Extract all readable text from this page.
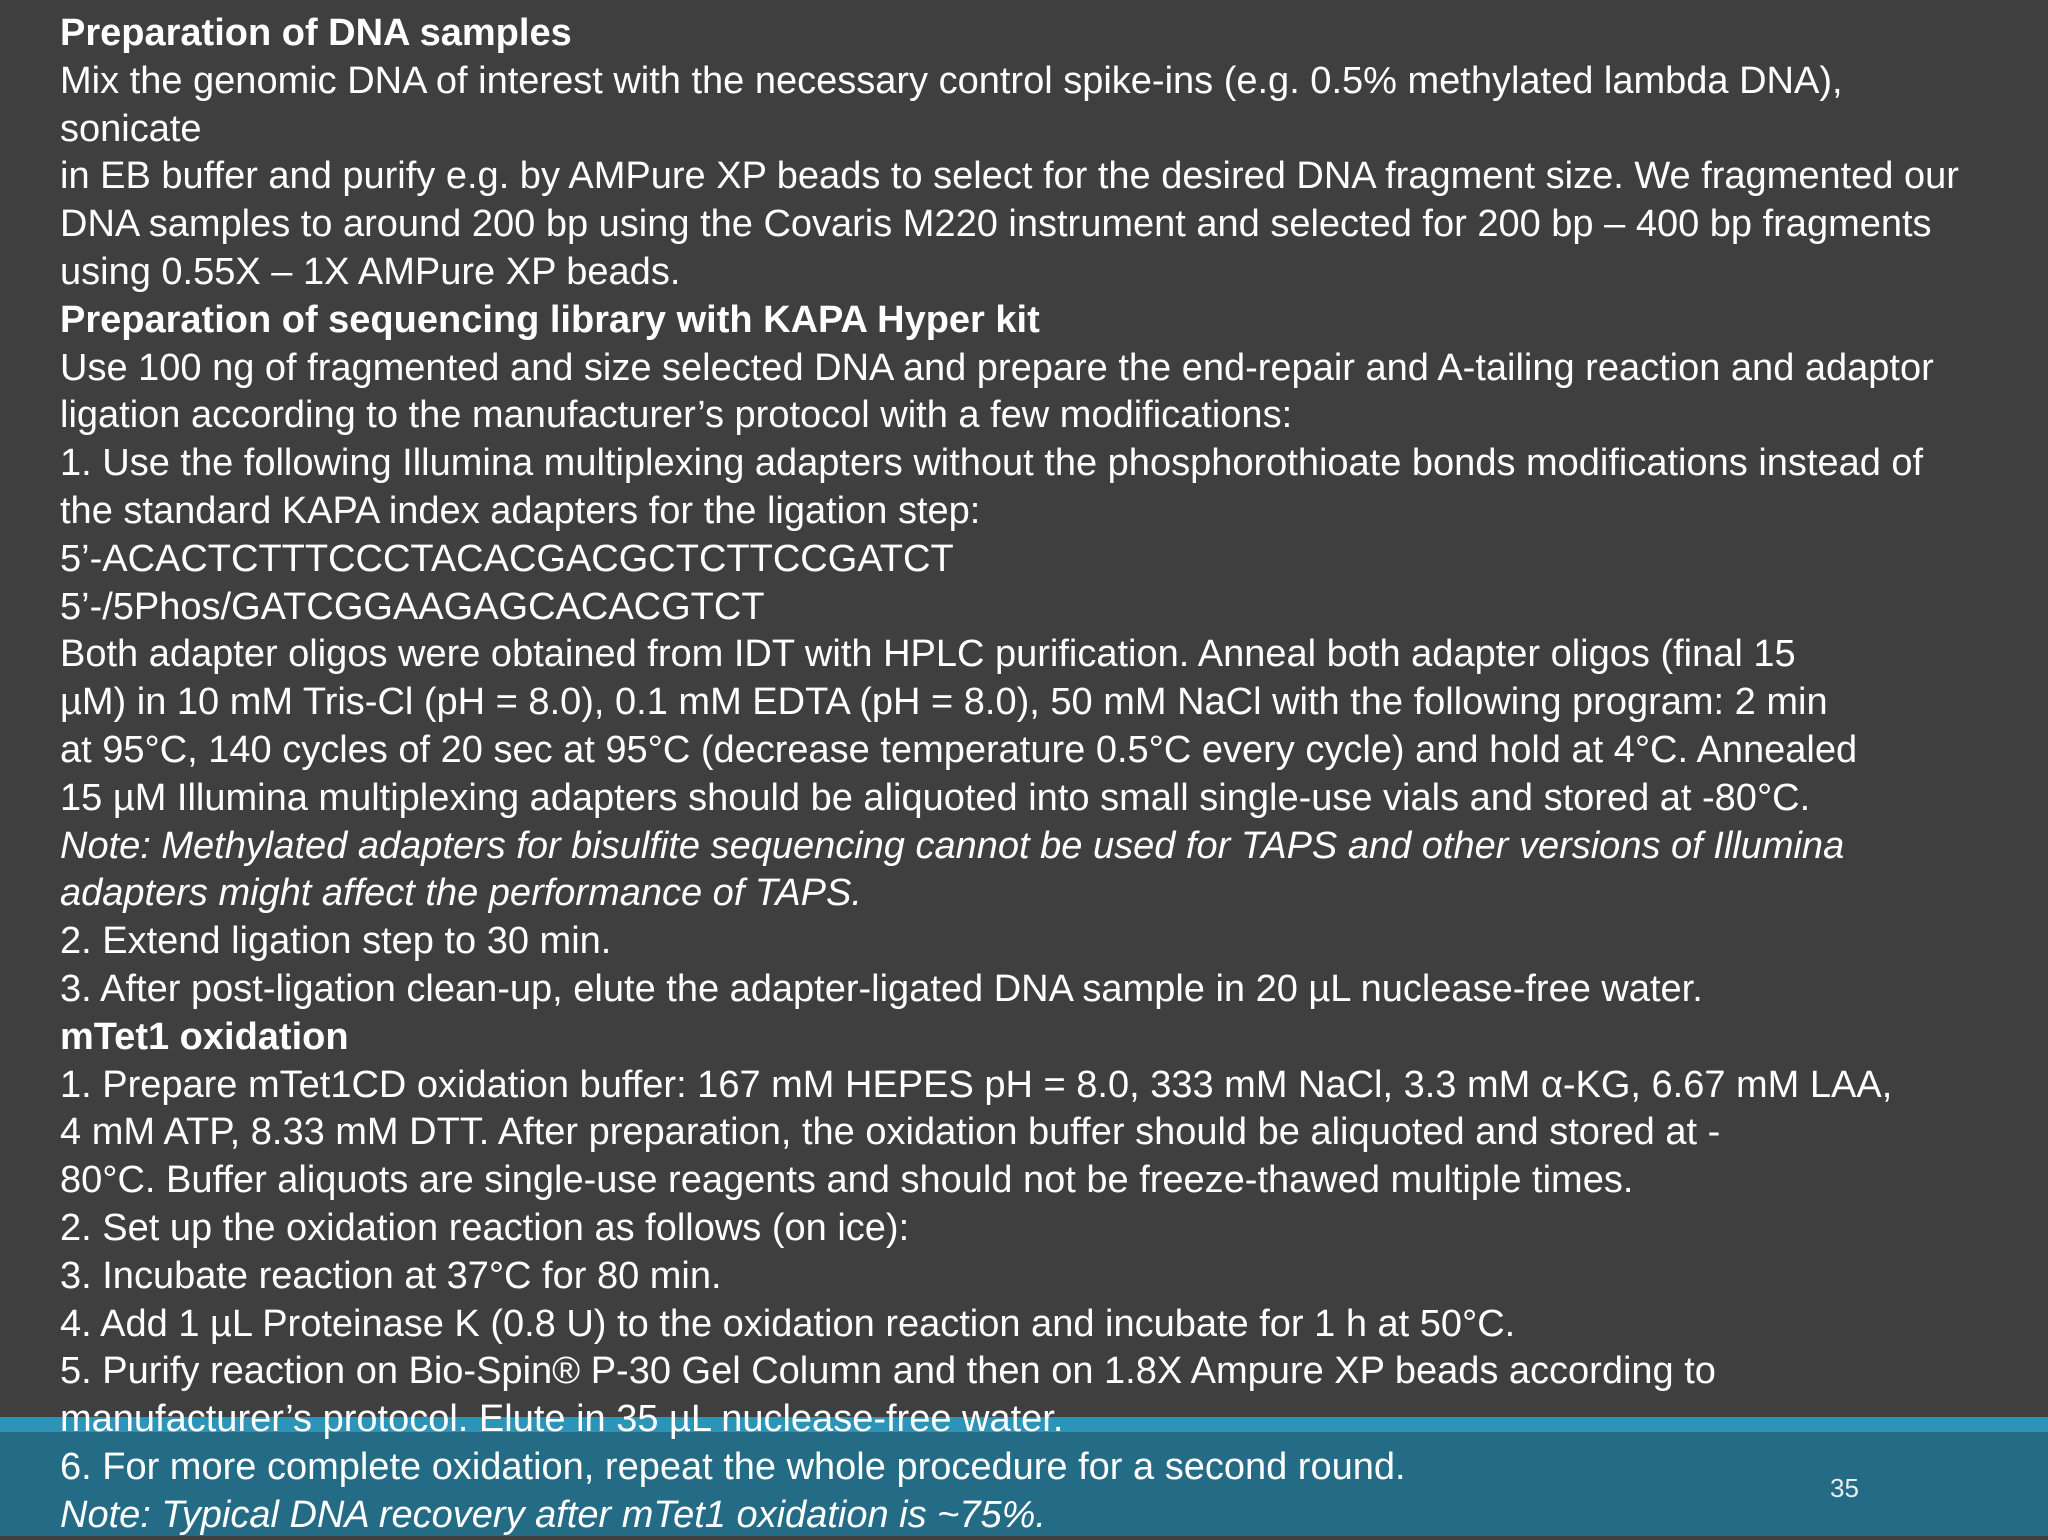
35
Preparation of DNA samples
Mix the genomic DNA of interest with the necessary control spike-ins (e.g. 0.5% methylated lambda DNA),
sonicate
in EB buffer and purify e.g. by AMPure XP beads to select for the desired DNA fragment size. We fragmented our
DNA samples to around 200 bp using the Covaris M220 instrument and selected for 200 bp – 400 bp fragments
using 0.55X – 1X AMPure XP beads.
Preparation of sequencing library with KAPA Hyper kit
Use 100 ng of fragmented and size selected DNA and prepare the end-repair and A-tailing reaction and adaptor
ligation according to the manufacturer’s protocol with a few modifications:
1. Use the following Illumina multiplexing adapters without the phosphorothioate bonds modifications instead of
the standard KAPA index adapters for the ligation step:
5’-ACACTCTTTCCCTACACGACGCTCTTCCGATCT
5’-/5Phos/GATCGGAAGAGCACACGTCT
Both adapter oligos were obtained from IDT with HPLC purification. Anneal both adapter oligos (final 15
µM) in 10 mM Tris-Cl (pH = 8.0), 0.1 mM EDTA (pH = 8.0), 50 mM NaCl with the following program: 2 min
at 95°C, 140 cycles of 20 sec at 95°C (decrease temperature 0.5°C every cycle) and hold at 4°C. Annealed
15 µM Illumina multiplexing adapters should be aliquoted into small single-use vials and stored at -80°C.
Note: Methylated adapters for bisulfite sequencing cannot be used for TAPS and other versions of Illumina
adapters might affect the performance of TAPS.
2. Extend ligation step to 30 min.
3. After post-ligation clean-up, elute the adapter-ligated DNA sample in 20 µL nuclease-free water.
mTet1 oxidation
1. Prepare mTet1CD oxidation buffer: 167 mM HEPES pH = 8.0, 333 mM NaCl, 3.3 mM α-KG, 6.67 mM LAA,
4 mM ATP, 8.33 mM DTT. After preparation, the oxidation buffer should be aliquoted and stored at -
80°C. Buffer aliquots are single-use reagents and should not be freeze-thawed multiple times.
2. Set up the oxidation reaction as follows (on ice):
3. Incubate reaction at 37°C for 80 min.
4. Add 1 µL Proteinase K (0.8 U) to the oxidation reaction and incubate for 1 h at 50°C.
5. Purify reaction on Bio-Spin® P-30 Gel Column and then on 1.8X Ampure XP beads according to
manufacturer’s protocol. Elute in 35 µL nuclease-free water.
6. For more complete oxidation, repeat the whole procedure for a second round.
Note: Typical DNA recovery after mTet1 oxidation is ~75%.
